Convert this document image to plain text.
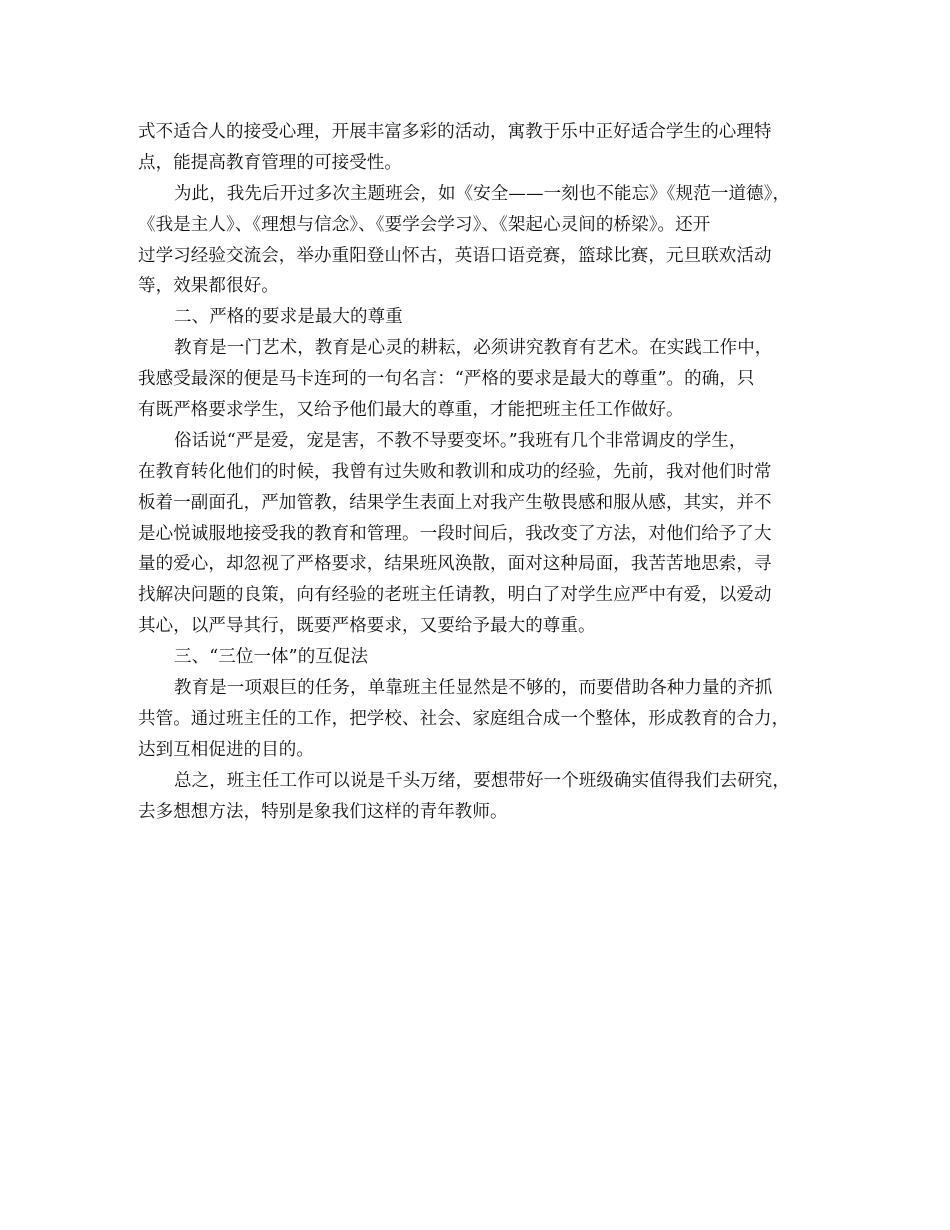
式不适合人的接受心理，开展丰富多彩的活动，寓教于乐中正好适合学生的心理特
点，能提高教育管理的可接受性。
为此，我先后开过多次主题班会，如《安全——一刻也不能忘》《规范一道德》，
《我是主人》、《理想与信念》、《要学会学习》、《架起心灵间的桥梁》。还开
过学习经验交流会，举办重阳登山怀古，英语口语竞赛，篮球比赛，元旦联欢活动
等，效果都很好。
二、严格的要求是最大的尊重
教育是一门艺术，教育是心灵的耕耘，必须讲究教育有艺术。在实践工作中，
我感受最深的便是马卡连珂的一句名言：“严格的要求是最大的尊重”。的确，只
有既严格要求学生，又给予他们最大的尊重，才能把班主任工作做好。
俗话说“严是爱，宠是害，不教不导要变坏。”我班有几个非常调皮的学生，
在教育转化他们的时候，我曾有过失败和教训和成功的经验，先前，我对他们时常
板着一副面孔，严加管教，结果学生表面上对我产生敬畏感和服从感，其实，并不
是心悦诚服地接受我的教育和管理。一段时间后，我改变了方法，对他们给予了大
量的爱心，却忽视了严格要求，结果班风涣散，面对这种局面，我苦苦地思索，寻
找解决问题的良策，向有经验的老班主任请教，明白了对学生应严中有爱，以爱动
其心，以严导其行，既要严格要求，又要给予最大的尊重。
三、“三位一体”的互促法
教育是一项艰巨的任务，单靠班主任显然是不够的，而要借助各种力量的齐抓
共管。通过班主任的工作，把学校、社会、家庭组合成一个整体，形成教育的合力，
达到互相促进的目的。
总之，班主任工作可以说是千头万绪，要想带好一个班级确实值得我们去研究，
去多想想方法，特别是象我们这样的青年教师。
